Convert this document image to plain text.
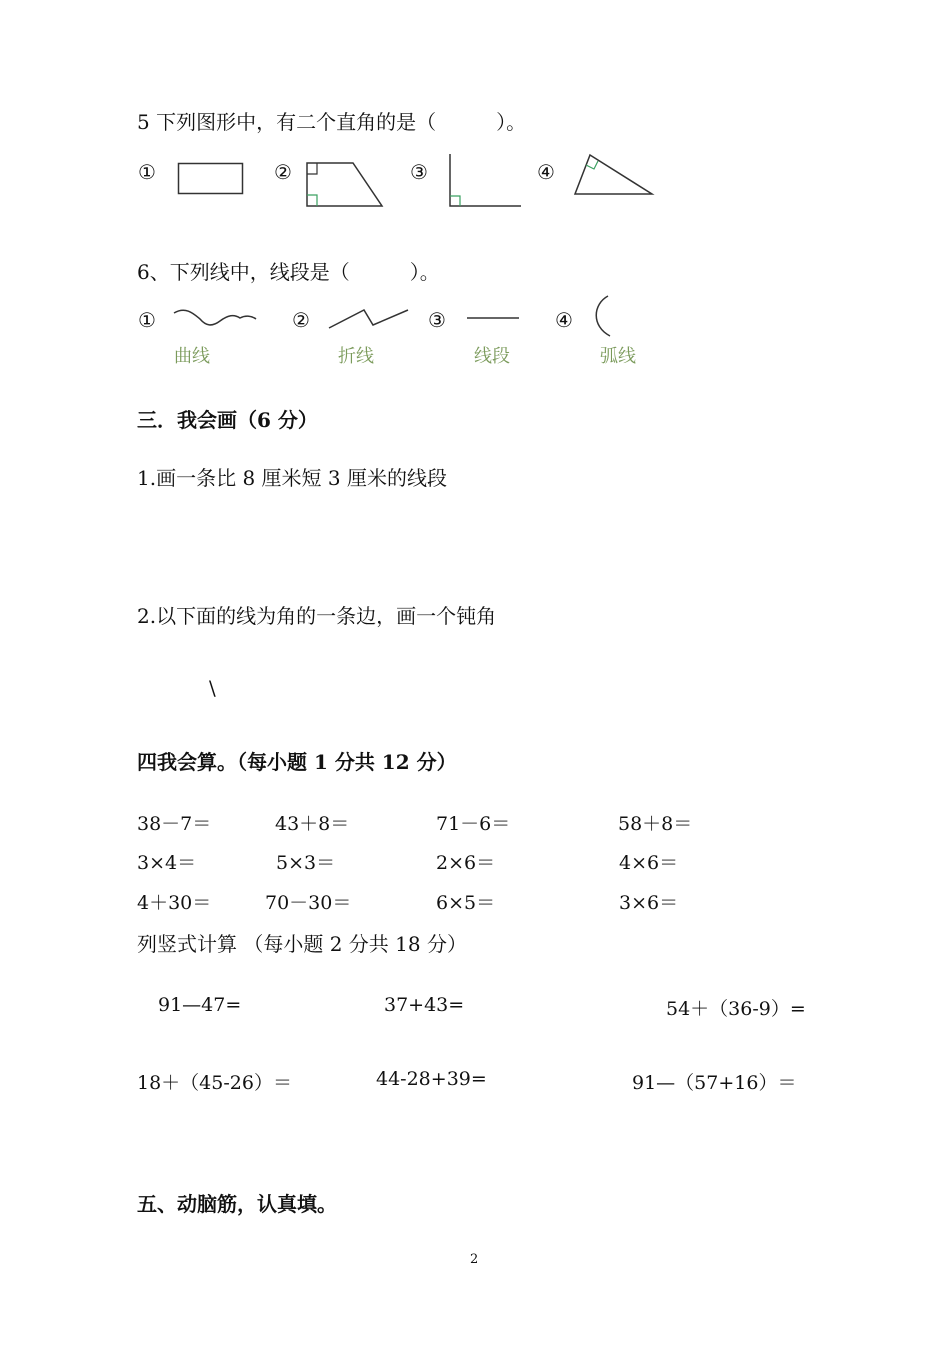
5 下列图形中，有二个直角的是（　　　）。
①	②	③	④
6、下列线中，线段是（　　　）。
①
曲线
②
折线
③
线段
④
弧线
三．我会画（6 分）
1.画一条比 8 厘米短 3 厘米的线段
2.以下面的线为角的一条边，画一个钝角
\
四我会算。（每小题 1 分共 12 分）
38－7＝	43＋8＝	71－6＝	58＋8＝
3×4＝	5×3＝	2×6＝	4×6＝
4＋30＝	70－30＝	6×5＝	3×6＝
列竖式计算 （每小题 2 分共 18 分）
91—47=	37+43=	54＋（36-9）=
18＋（45-26）＝	44-28+39=	91—（57+16）＝
五、动脑筋，认真填。
2
